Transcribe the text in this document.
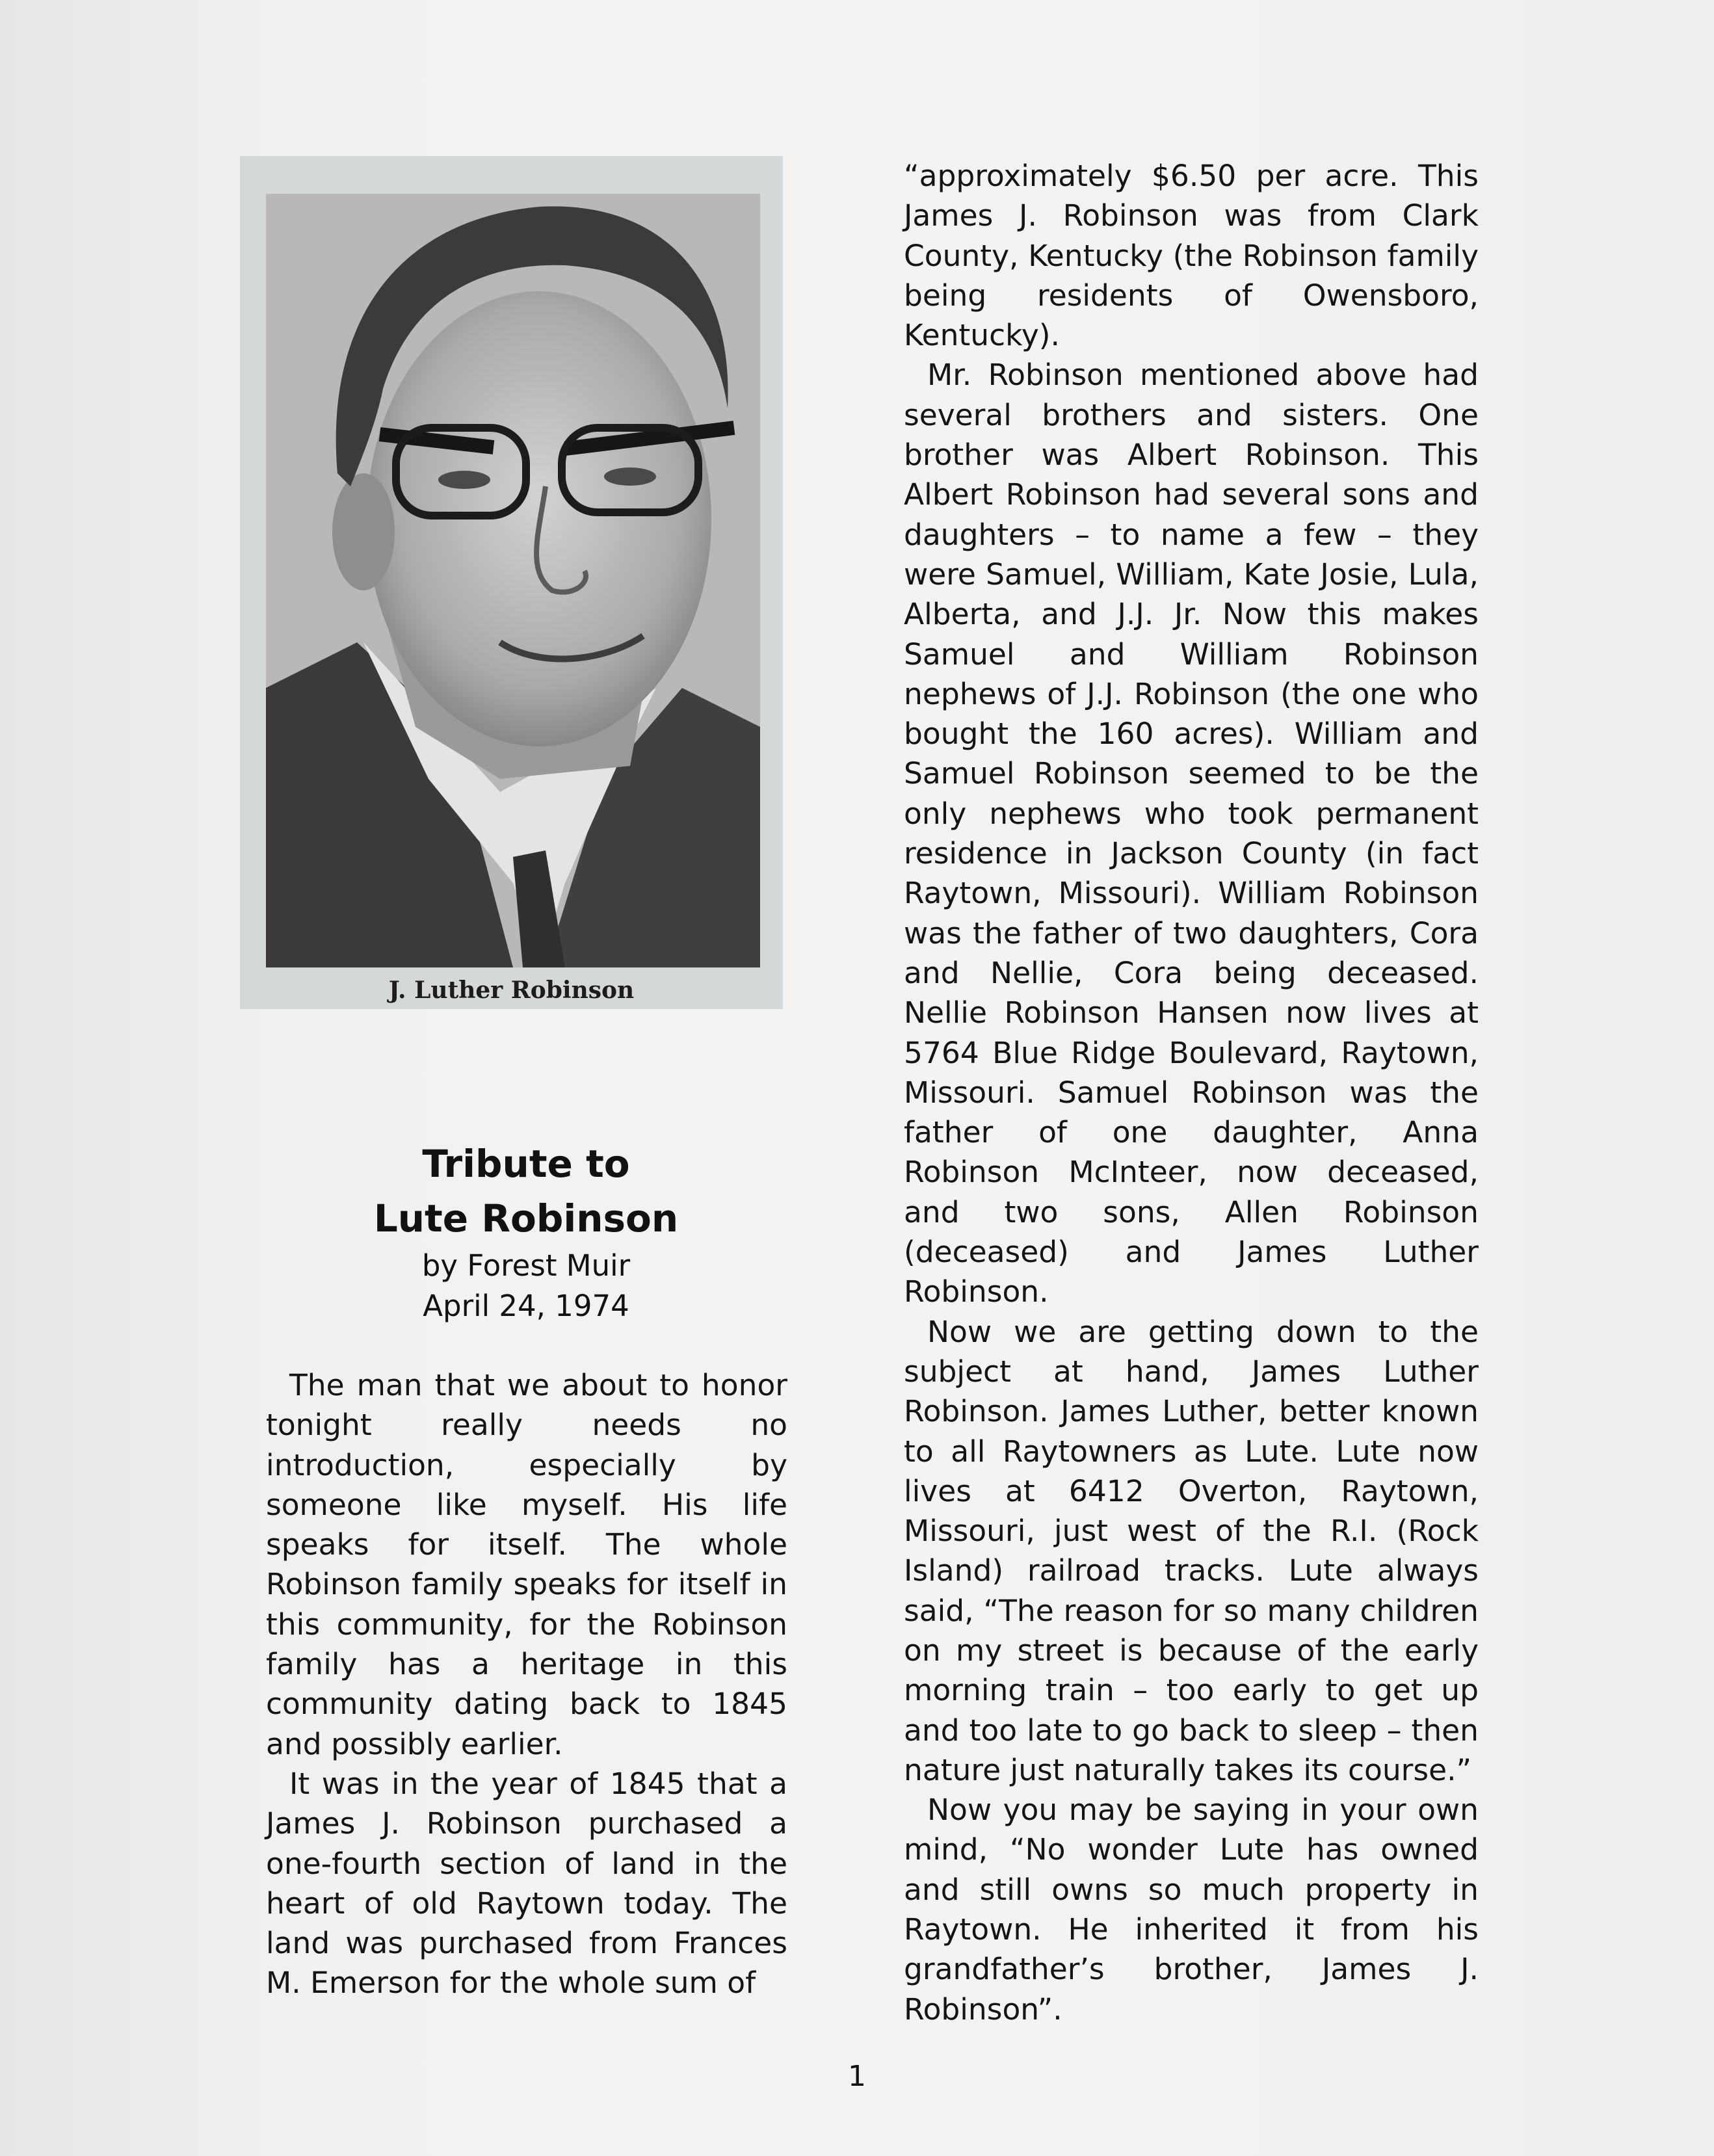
J. Luther Robinson
Tribute to
Lute Robinson
by Forest Muir
April 24, 1974

The man that we about to honor tonight really needs no introduction, especially by someone like myself. His life speaks for itself. The whole Robinson family speaks for itself in this community, for the Robinson family has a heritage in this community dating back to 1845 and possibly earlier.

It was in the year of 1845 that a James J. Robinson purchased a one-fourth section of land in the heart of old Raytown today. The land was purchased from Frances M. Emerson for the whole sum of

“approximately $6.50 per acre. This James J. Robinson was from Clark County, Kentucky (the Robinson family being residents of Owensboro, Kentucky).

Mr. Robinson mentioned above had several brothers and sisters. One brother was Albert Robinson. This Albert Robinson had several sons and daughters – to name a few – they were Samuel, William, Kate Josie, Lula, Alberta, and J.J. Jr. Now this makes Samuel and William Robinson nephews of J.J. Robinson (the one who bought the 160 acres). William and Samuel Robinson seemed to be the only nephews who took permanent residence in Jackson County (in fact Raytown, Missouri). William Robinson was the father of two daughters, Cora and Nellie, Cora being deceased. Nellie Robinson Hansen now lives at 5764 Blue Ridge Boulevard, Raytown, Missouri. Samuel Robinson was the father of one daughter, Anna Robinson McInteer, now deceased, and two sons, Allen Robinson (deceased) and James Luther Robinson.

Now we are getting down to the subject at hand, James Luther Robinson. James Luther, better known to all Raytowners as Lute. Lute now lives at 6412 Overton, Raytown, Missouri, just west of the R.I. (Rock Island) railroad tracks. Lute always said, “The reason for so many children on my street is because of the early morning train – too early to get up and too late to go back to sleep – then nature just naturally takes its course.”

Now you may be saying in your own mind, “No wonder Lute has owned and still owns so much property in Raytown. He inherited it from his grandfather’s brother, James J. Robinson”.

1
